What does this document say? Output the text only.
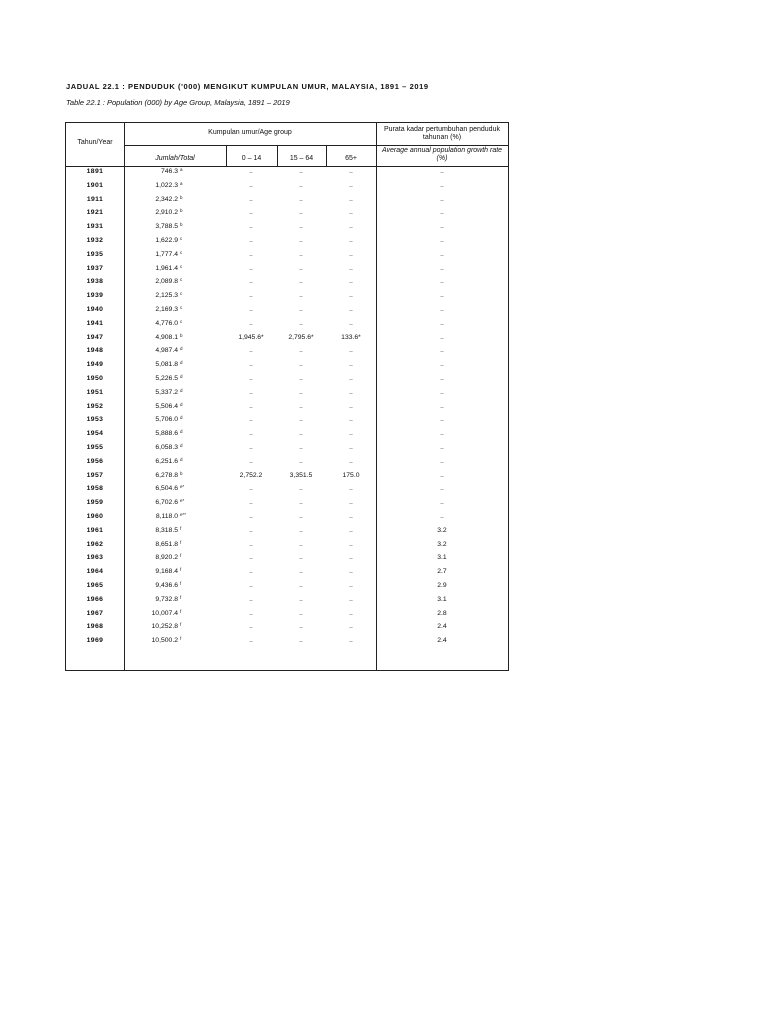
JADUAL 22.1 : PENDUDUK ('000) MENGIKUT KUMPULAN UMUR, MALAYSIA, 1891 – 2019
Table 22.1 : Population (000) by Age Group, Malaysia, 1891 – 2019
Tahun/Year
Kumpulan umur/Age group
Jumlah/Total	0 – 14	15 – 64	65+
Purata kadar pertumbuhan penduduk tahunan (%)
Average annual population growth rate (%)
1891	746.3 a	..	..	..	..
1901	1,022.3 a	..	..	..	..
1911	2,342.2 b	..	..	..	..
1921	2,910.2 b	..	..	..	..
1931	3,788.5 b	..	..	..	..
1932	1,622.9 c	..	..	..	..
1935	1,777.4 c	..	..	..	..
1937	1,961.4 c	..	..	..	..
1938	2,089.8 c	..	..	..	..
1939	2,125.3 c	..	..	..	..
1940	2,169.3 c	..	..	..	..
1941	4,776.0 c	..	..	..	..
1947	4,908.1 b	1,945.6*	2,795.6*	133.6*	..
1948	4,987.4 d	..	..	..	..
1949	5,081.8 d	..	..	..	..
1950	5,226.5 d	..	..	..	..
1951	5,337.2 d	..	..	..	..
1952	5,506.4 d	..	..	..	..
1953	5,706.0 d	..	..	..	..
1954	5,888.6 d	..	..	..	..
1955	6,058.3 d	..	..	..	..
1956	6,251.6 d	..	..	..	..
1957	6,278.8 b	2,752.2	3,351.5	175.0	..
1958	6,504.6 e*	..	..	..	..
1959	6,702.6 e*	..	..	..	..
1960	8,118.0 e**	..	..	..	..
1961	8,318.5 f	..	..	..	3.2
1962	8,651.8 f	..	..	..	3.2
1963	8,920.2 f	..	..	..	3.1
1964	9,168.4 f	..	..	..	2.7
1965	9,436.6 f	..	..	..	2.9
1966	9,732.8 f	..	..	..	3.1
1967	10,007.4 f	..	..	..	2.8
1968	10,252.8 f	..	..	..	2.4
1969	10,500.2 f	..	..	..	2.4
